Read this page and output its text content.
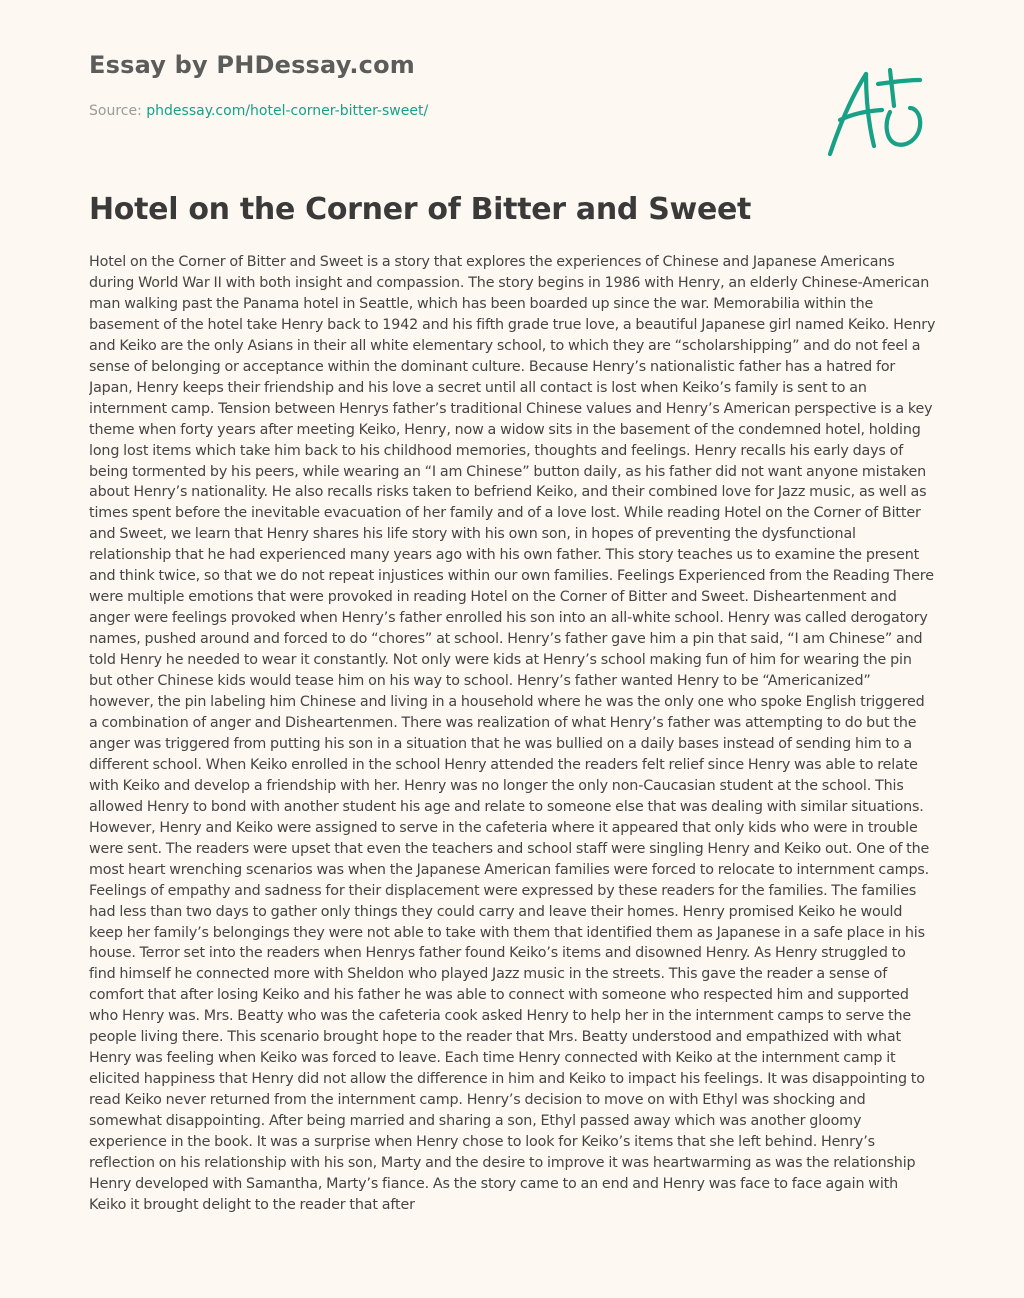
Essay by PHDessay.com
Source: phdessay.com/hotel-corner-bitter-sweet/
Hotel on the Corner of Bitter and Sweet

Hotel on the Corner of Bitter and Sweet is a story that explores the experiences of Chinese and Japanese Americans during World War II with both insight and compassion. The story begins in 1986 with Henry, an elderly Chinese-American man walking past the Panama hotel in Seattle, which has been boarded up since the war. Memorabilia within the basement of the hotel take Henry back to 1942 and his fifth grade true love, a beautiful Japanese girl named Keiko. Henry and Keiko are the only Asians in their all white elementary school, to which they are “scholarshipping” and do not feel a sense of belonging or acceptance within the dominant culture. Because Henry’s nationalistic father has a hatred for Japan, Henry keeps their friendship and his love a secret until all contact is lost when Keiko’s family is sent to an internment camp. Tension between Henrys father’s traditional Chinese values and Henry’s American perspective is a key theme when forty years after meeting Keiko, Henry, now a widow sits in the basement of the condemned hotel, holding long lost items which take him back to his childhood memories, thoughts and feelings. Henry recalls his early days of being tormented by his peers, while wearing an “I am Chinese” button daily, as his father did not want anyone mistaken about Henry’s nationality. He also recalls risks taken to befriend Keiko, and their combined love for Jazz music, as well as times spent before the inevitable evacuation of her family and of a love lost. While reading Hotel on the Corner of Bitter and Sweet, we learn that Henry shares his life story with his own son, in hopes of preventing the dysfunctional relationship that he had experienced many years ago with his own father. This story teaches us to examine the present and think twice, so that we do not repeat injustices within our own families. Feelings Experienced from the Reading There were multiple emotions that were provoked in reading Hotel on the Corner of Bitter and Sweet. Disheartenment and anger were feelings provoked when Henry’s father enrolled his son into an all-white school. Henry was called derogatory names, pushed around and forced to do “chores” at school. Henry’s father gave him a pin that said, “I am Chinese” and told Henry he needed to wear it constantly. Not only were kids at Henry’s school making fun of him for wearing the pin but other Chinese kids would tease him on his way to school. Henry’s father wanted Henry to be “Americanized” however, the pin labeling him Chinese and living in a household where he was the only one who spoke English triggered a combination of anger and Disheartenmen. There was realization of what Henry’s father was attempting to do but the anger was triggered from putting his son in a situation that he was bullied on a daily bases instead of sending him to a different school. When Keiko enrolled in the school Henry attended the readers felt relief since Henry was able to relate with Keiko and develop a friendship with her. Henry was no longer the only non-Caucasian student at the school. This allowed Henry to bond with another student his age and relate to someone else that was dealing with similar situations. However, Henry and Keiko were assigned to serve in the cafeteria where it appeared that only kids who were in trouble were sent. The readers were upset that even the teachers and school staff were singling Henry and Keiko out. One of the most heart wrenching scenarios was when the Japanese American families were forced to relocate to internment camps. Feelings of empathy and sadness for their displacement were expressed by these readers for the families. The families had less than two days to gather only things they could carry and leave their homes. Henry promised Keiko he would keep her family’s belongings they were not able to take with them that identified them as Japanese in a safe place in his house. Terror set into the readers when Henrys father found Keiko’s items and disowned Henry. As Henry struggled to find himself he connected more with Sheldon who played Jazz music in the streets. This gave the reader a sense of comfort that after losing Keiko and his father he was able to connect with someone who respected him and supported who Henry was. Mrs. Beatty who was the cafeteria cook asked Henry to help her in the internment camps to serve the people living there. This scenario brought hope to the reader that Mrs. Beatty understood and empathized with what Henry was feeling when Keiko was forced to leave. Each time Henry connected with Keiko at the internment camp it elicited happiness that Henry did not allow the difference in him and Keiko to impact his feelings. It was disappointing to read Keiko never returned from the internment camp. Henry’s decision to move on with Ethyl was shocking and somewhat disappointing. After being married and sharing a son, Ethyl passed away which was another gloomy experience in the book. It was a surprise when Henry chose to look for Keiko’s items that she left behind. Henry’s reflection on his relationship with his son, Marty and the desire to improve it was heartwarming as was the relationship Henry developed with Samantha, Marty’s fiance. As the story came to an end and Henry was face to face again with Keiko it brought delight to the reader that after
